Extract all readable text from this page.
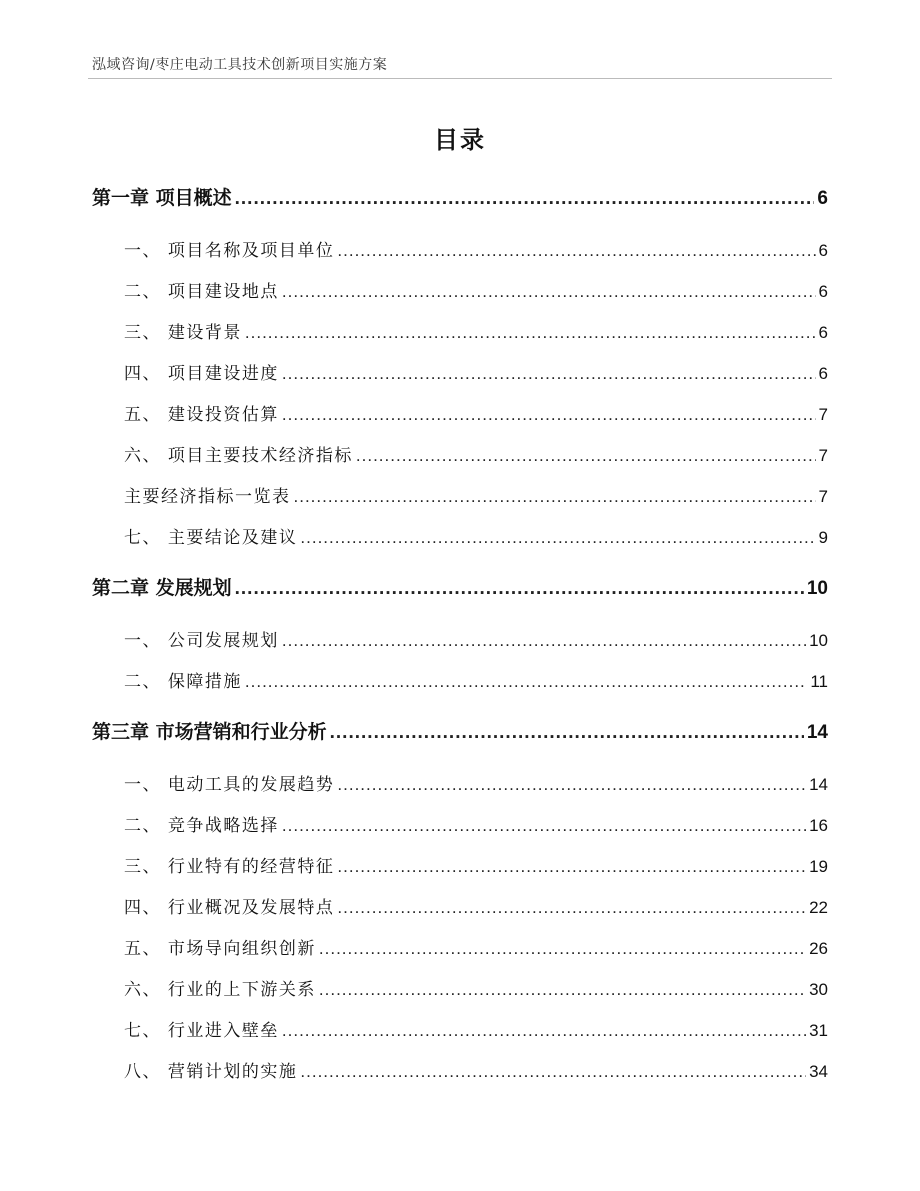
泓域咨询/枣庄电动工具技术创新项目实施方案
目录
第一章 项目概述 .....	6
一、 项目名称及项目单位 .....	6
二、 项目建设地点 .....	6
三、 建设背景 .....	6
四、 项目建设进度 .....	6
五、 建设投资估算 .....	7
六、 项目主要技术经济指标 .....	7
主要经济指标一览表 .....	7
七、 主要结论及建议 .....	9
第二章 发展规划 .....	10
一、 公司发展规划 .....	10
二、 保障措施 .....	11
第三章 市场营销和行业分析 .....	14
一、 电动工具的发展趋势 .....	14
二、 竞争战略选择 .....	16
三、 行业特有的经营特征 .....	19
四、 行业概况及发展特点 .....	22
五、 市场导向组织创新 .....	26
六、 行业的上下游关系 .....	30
七、 行业进入壁垒 .....	31
八、 营销计划的实施 .....	34
